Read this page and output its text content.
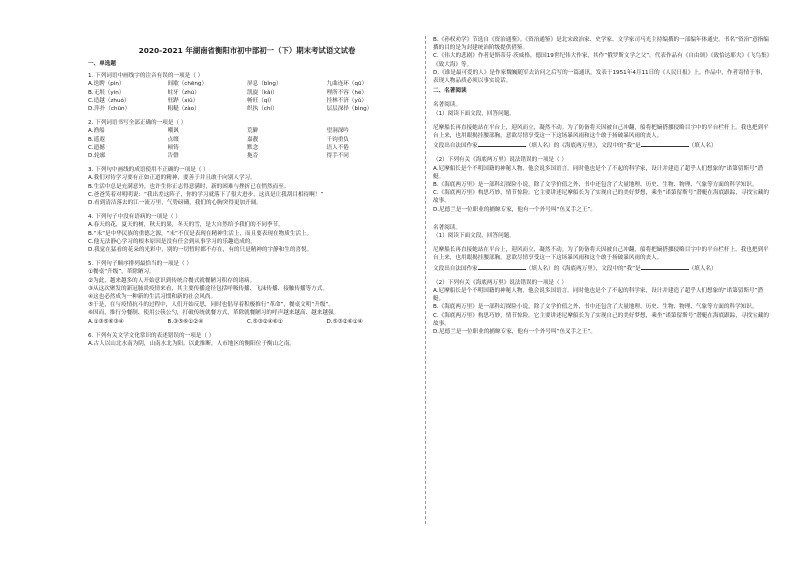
2020-2021 年湖南省衡阳市初中部初一（下）期末考试语文试卷
一、单选题

1. 下列词语中画线字的注音有误的一项是（ ）

A.迭聘（pìn）	间歇（chēng）	屏息（bǐng）	九曲连环（qū）
B.无垠（yín）	蛀牙（zhù）	凯旋（kǎi）	理所不容（hé）
C.造越（zhuó）	驻跸（xiǔ）	畅旺（qí）	挂林不济（yǔ）
D.萍扑（chūn）	粗糙（zào）	织执（chí）	层层深择（bìng）

2. 下列词语书写全部正确的一项是（ ）

A.渔船	嘲讽	荒僻	望洞深吟
B.遥遐	点缀	嘉靓	千钧重负
C.遗撼	顿铸	默念	语人不倦
D.轮廓	告罄	拖沓	得手不同

3. 下列句中画线的成语使用不正确的一项是（ ）

A.我们对待学习要有正如正道的精神，要善于并且敢于向别人学习。

B.生活中总是充满意外，也许生你正志得意满时，新的困难与挫折已在悄然而至。

C.爸爸笑着对明明说：“我出差这阵子，你的学习就落下了很大进步，这真是让我刮目相待啊！”

D.看到清洁落去的江一流万里，气势磅礴，我们的心胸突得更加开阔。

4. 下列句子中没有语病的一项是（ ）

A.春天的花，夏天的树，秋天的果，冬天的雪，是大自然给予我们的不同季节。

B.“未”是中华民族的重德之源，“未”不仅是表现在精神生活上，而且要表现在物质生活上。

C.他无法静心学习的根本原因是没有任会到从事学习的乐趣造成的。

D.我觉在猛看的花朵的光彩中，别的一切暂时都不存在，有的只是精神的宇静和生的喜悦。

5. 下列句子顺序排列最恰当的一项是（ ）

①餐桌“升级”，革除陋习。

②为此，越来越多的人开始意识到传统合餐式就餐陋习积存的诸病。

③从这次聚发的新冠肺炎疫情来看，其主要传播途径包括呼吸传播、飞沫传播、接触传播等方式。

④这也必然成为一种新的生活习惯和新的社会风尚。

⑤于是，在与疫情抗斗的过程中，人们开始反思，同时也倡导着积极推行“革命”，餐桌文明“升级”。

⑥因而，推行分餐制、使用公筷公勺，打破传统就餐方式，革除就餐陋习的呼声越来越高、越来越强。

A.①③⑤⑥③④	B.③⑤⑥①②④	C.⑤③②④⑥①	D.⑤③②⑥①④

6. 下列有关文学文化常识的表述错误的一项是（ ）

A.古人以山北水南为阴，山南水北为阳。以此推断，人市地区的衡阳位于衡山之南。

B.《孙权劝学》节选自《资治通鉴》。《资治通鉴》是北宋政治家、史学家、文学家司马光主持编撰的一部编年体通史。书名“资治”意指编撰的目的是为封建统治阶级提供借鉴。

C.《伟大的悲剧》作者是斯蒂芬·茨威格，德国19世纪伟大作家，其作“俄罗斯文学之父”。代表作品有《自由颂》《致恰达耶夫》《飞鸟集》《致大海》等。

D.《谁是最可爱的人》是作家魏巍随军去访问之后写的一篇通讯，发表于1951年4月11日的《人民日报》上。作品中，作者寄情于事，表现人物品质必须以事实说话。

二、名著阅读

名著阅读。

（1）阅读下面文段，回答问题。

尼摩船长再直接她站在平台上，迎风而立，凝然不动。为了防备将天因被自己冲翻，船将把嫡搭挪侵略目字中的平台栏杆上。我也把到平台上来，也用眼揭挂腰部胸，意欲尽情享受这一下这场暴风雨和这个敢于扬破暴风雨的丧人。

文段出自法国作家	（填人名）的《海底两万里》，文段中的“我”是	（填人名）

（2）下列有关《海底两万里》说法错误的一项是（ ）

A.尼摩船长是个不明国籍的神秘人物，他会说多国语言。同时他也是个了不起的科学家，设计并建造了超乎人们想象的“诺第留斯号”潜艇。

B.《海底两万里》是一部科幻探险小说，除了文学价值之外，书中还包含了大量地理、历史、生物、物理、气象等方面的科学知识。

C.《海底两万里》构思巧妙，情节惊险。它主要讲述尼摩船长为了实现自己的美好梦想，乘坐“诺第留斯号”潜艇在海底跟踪，寻找宝藏的故事。

D.尼德兰是一位职业的捕鲸专家，他有一个外号叫“鱼叉手之王”。

名著阅读。

（1）阅读下面文段，回答问题。

尼摩船长再直接她站在平台上，迎风而立，凝然不动。为了防备将天因被自己冲翻，船将把嫡搭挪侵略目字中的平台栏杆上。我也把到平台上来，也用眼揭挂腰部胸，意欲尽情享受这一下这场暴风雨和这个敢于扬破暴风雨的丧人。

文段出自法国作家	（填人名）的《海底两万里》，文段中的“我”是	（填人名）

（2）下列有关《海底两万里》说法错误的一项是（ ）

A.尼摩船长是个不明国籍的神秘人物，他会说多国语言。同时他也是个了不起的科学家，设计并建造了超乎人们想象的“诺第留斯号”潜艇。

B.《海底两万里》是一部科幻探险小说，除了文学价值之外，书中还包含了大量地理、历史、生物、物理、气象等方面的科学知识。

C.《海底两万里》构思巧妙，情节惊险。它主要讲述尼摩船长为了实现自己的美好梦想，乘坐“诺第留斯号”潜艇在海底跟踪，寻找宝藏的故事。

D.尼德兰是一位职业的捕鲸专家，他有一个外号叫“鱼叉手之王”。
